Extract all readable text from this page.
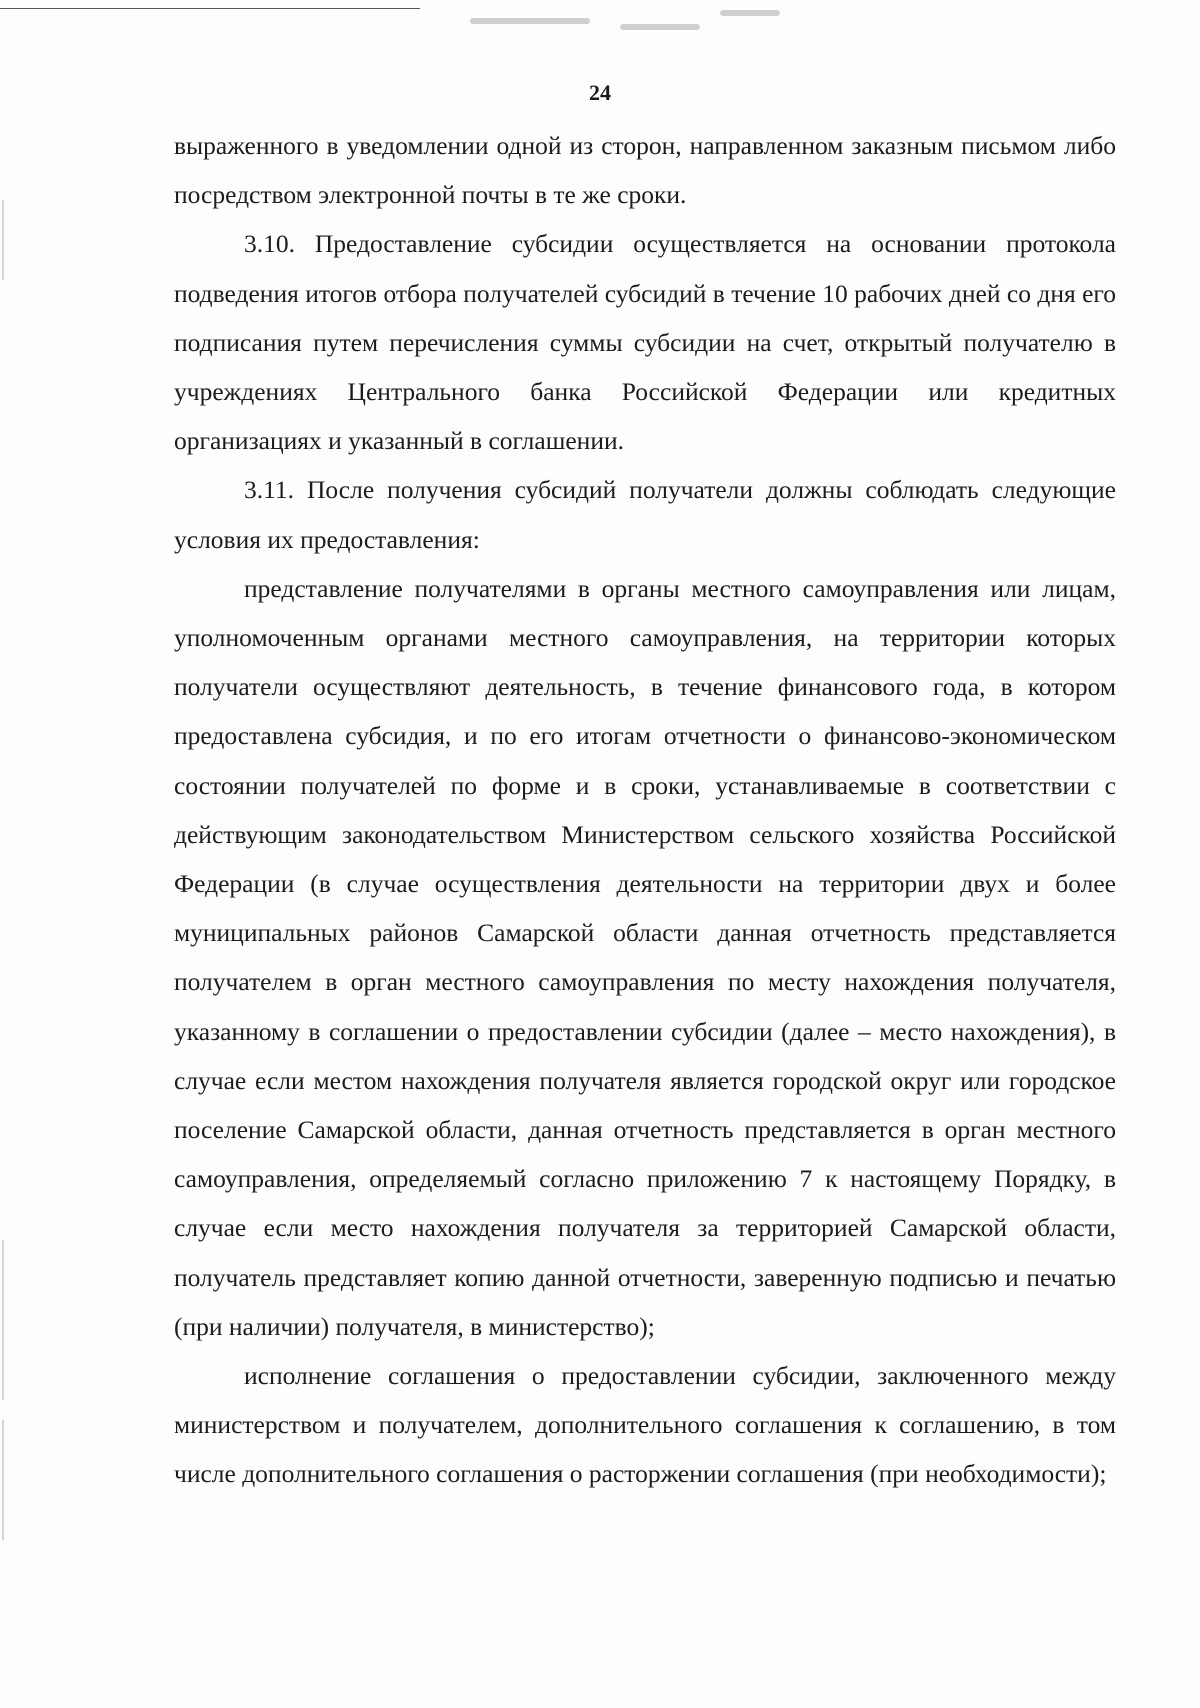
24

выраженного в уведомлении одной из сторон, направленном заказным письмом либо посредством электронной почты в те же сроки.

3.10. Предоставление субсидии осуществляется на основании протокола подведения итогов отбора получателей субсидий в течение 10 рабочих дней со дня его подписания путем перечисления суммы субсидии на счет, открытый получателю в учреждениях Центрального банка Российской Федерации или кредитных организациях и указанный в соглашении.

3.11. После получения субсидий получатели должны соблюдать следующие условия их предоставления:

представление получателями в органы местного самоуправления или лицам, уполномоченным органами местного самоуправления, на территории которых получатели осуществляют деятельность, в течение финансового года, в котором предоставлена субсидия, и по его итогам отчетности о финансово-экономическом состоянии получателей по форме и в сроки, устанавливаемые в соответствии с действующим законодательством Министерством сельского хозяйства Российской Федерации (в случае осуществления деятельности на территории двух и более муниципальных районов Самарской области данная отчетность представляется получателем в орган местного самоуправления по месту нахождения получателя, указанному в соглашении о предоставлении субсидии (далее – место нахождения), в случае если местом нахождения получателя является городской округ или городское поселение Самарской области, данная отчетность представляется в орган местного самоуправления, определяемый согласно приложению 7 к настоящему Порядку, в случае если место нахождения получателя за территорией Самарской области, получатель представляет копию данной отчетности, заверенную подписью и печатью (при наличии) получателя, в министерство);

исполнение соглашения о предоставлении субсидии, заключенного между министерством и получателем, дополнительного соглашения к соглашению, в том числе дополнительного соглашения о расторжении соглашения (при необходимости);
